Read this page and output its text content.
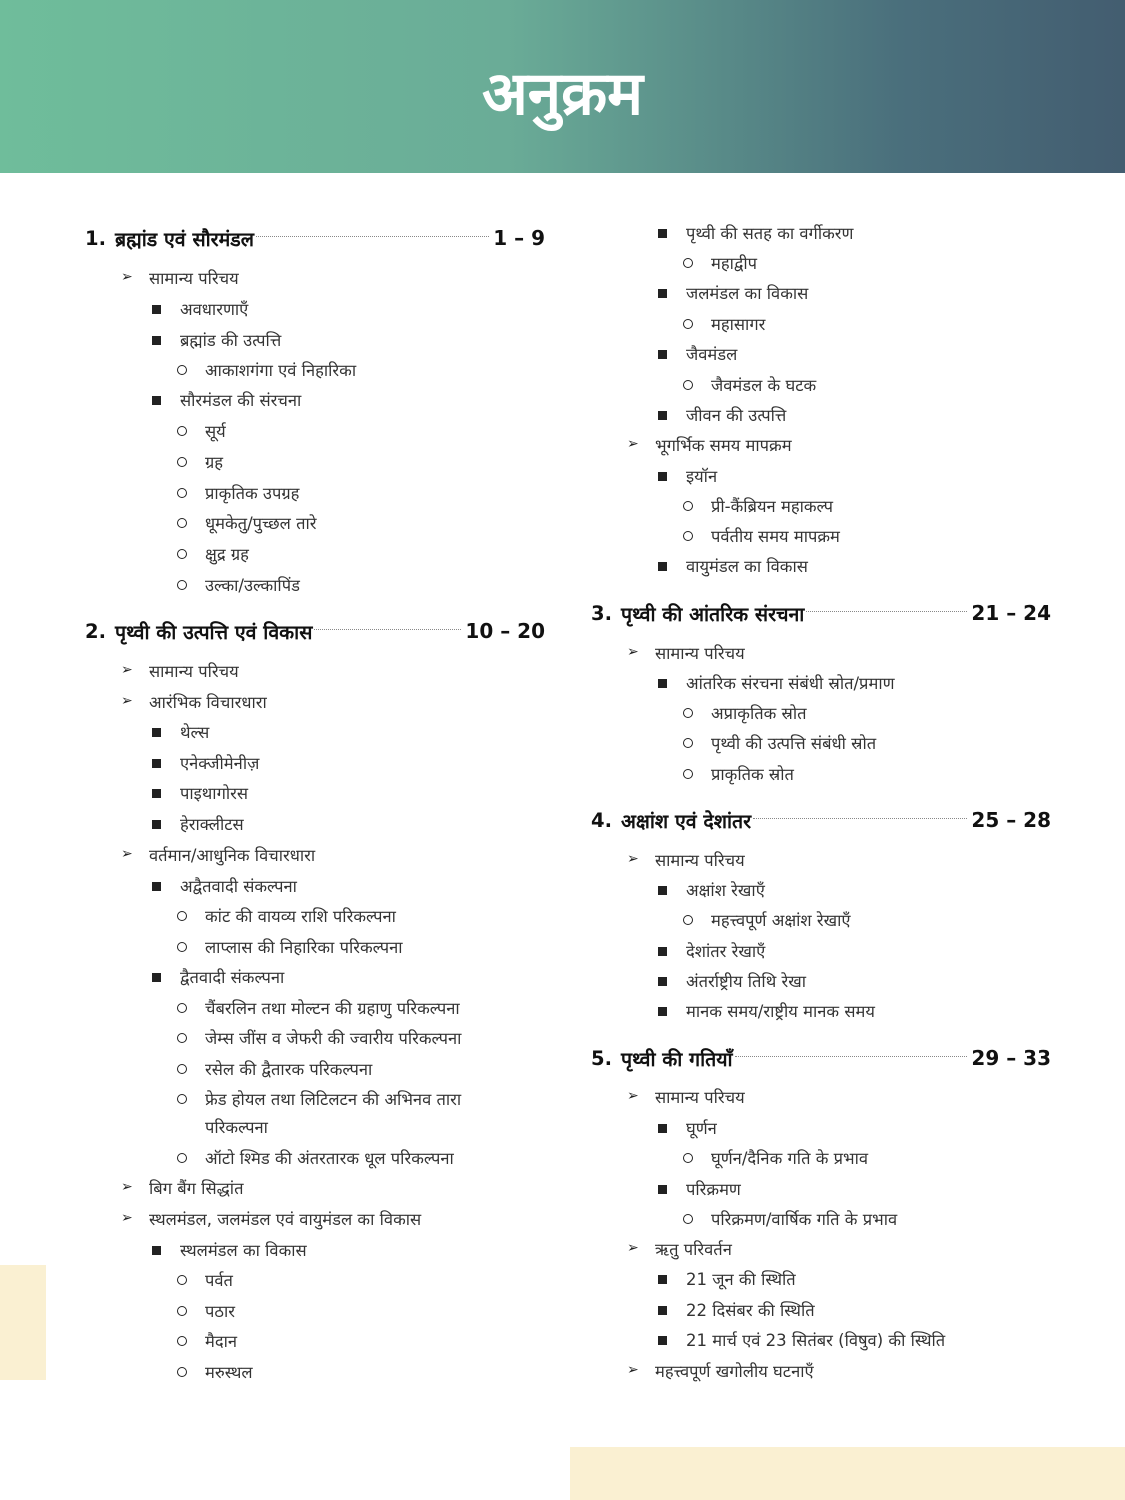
अनुक्रम
1. ब्रह्मांड एवं सौरमंडल	1 – 9
➢ सामान्य परिचय
अवधारणाएँ
ब्रह्मांड की उत्पत्ति
आकाशगंगा एवं निहारिका
सौरमंडल की संरचना
सूर्य
ग्रह
प्राकृतिक उपग्रह
धूमकेतु/पुच्छल तारे
क्षुद्र ग्रह
उल्का/उल्कापिंड
2. पृथ्वी की उत्पत्ति एवं विकास	10 – 20
➢ सामान्य परिचय
➢ आरंभिक विचारधारा
थेल्स
एनेक्जीमेनीज़
पाइथागोरस
हेराक्लीटस
➢ वर्तमान/आधुनिक विचारधारा
अद्वैतवादी संकल्पना
कांट की वायव्य राशि परिकल्पना
लाप्लास की निहारिका परिकल्पना
द्वैतवादी संकल्पना
चैंबरलिन तथा मोल्टन की ग्रहाणु परिकल्पना
जेम्स जींस व जेफरी की ज्वारीय परिकल्पना
रसेल की द्वैतारक परिकल्पना
फ्रेड होयल तथा लिटिलटन की अभिनव तारा
परिकल्पना
ऑटो श्मिड की अंतरतारक धूल परिकल्पना
➢ बिग बैंग सिद्धांत
➢ स्थलमंडल, जलमंडल एवं वायुमंडल का विकास
स्थलमंडल का विकास
पर्वत
पठार
मैदान
मरुस्थल
पृथ्वी की सतह का वर्गीकरण
महाद्वीप
जलमंडल का विकास
महासागर
जैवमंडल
जैवमंडल के घटक
जीवन की उत्पत्ति
➢ भूगर्भिक समय मापक्रम
इयॉन
प्री-कैंब्रियन महाकल्प
पर्वतीय समय मापक्रम
वायुमंडल का विकास
3. पृथ्वी की आंतरिक संरचना	21 – 24
➢ सामान्य परिचय
आंतरिक संरचना संबंधी स्रोत/प्रमाण
अप्राकृतिक स्रोत
पृथ्वी की उत्पत्ति संबंधी स्रोत
प्राकृतिक स्रोत
4. अक्षांश एवं देशांतर	25 – 28
➢ सामान्य परिचय
अक्षांश रेखाएँ
महत्त्वपूर्ण अक्षांश रेखाएँ
देशांतर रेखाएँ
अंतर्राष्ट्रीय तिथि रेखा
मानक समय/राष्ट्रीय मानक समय
5. पृथ्वी की गतियाँ	29 – 33
➢ सामान्य परिचय
घूर्णन
घूर्णन/दैनिक गति के प्रभाव
परिक्रमण
परिक्रमण/वार्षिक गति के प्रभाव
➢ ऋतु परिवर्तन
21 जून की स्थिति
22 दिसंबर की स्थिति
21 मार्च एवं 23 सितंबर (विषुव) की स्थिति
➢ महत्त्वपूर्ण खगोलीय घटनाएँ
